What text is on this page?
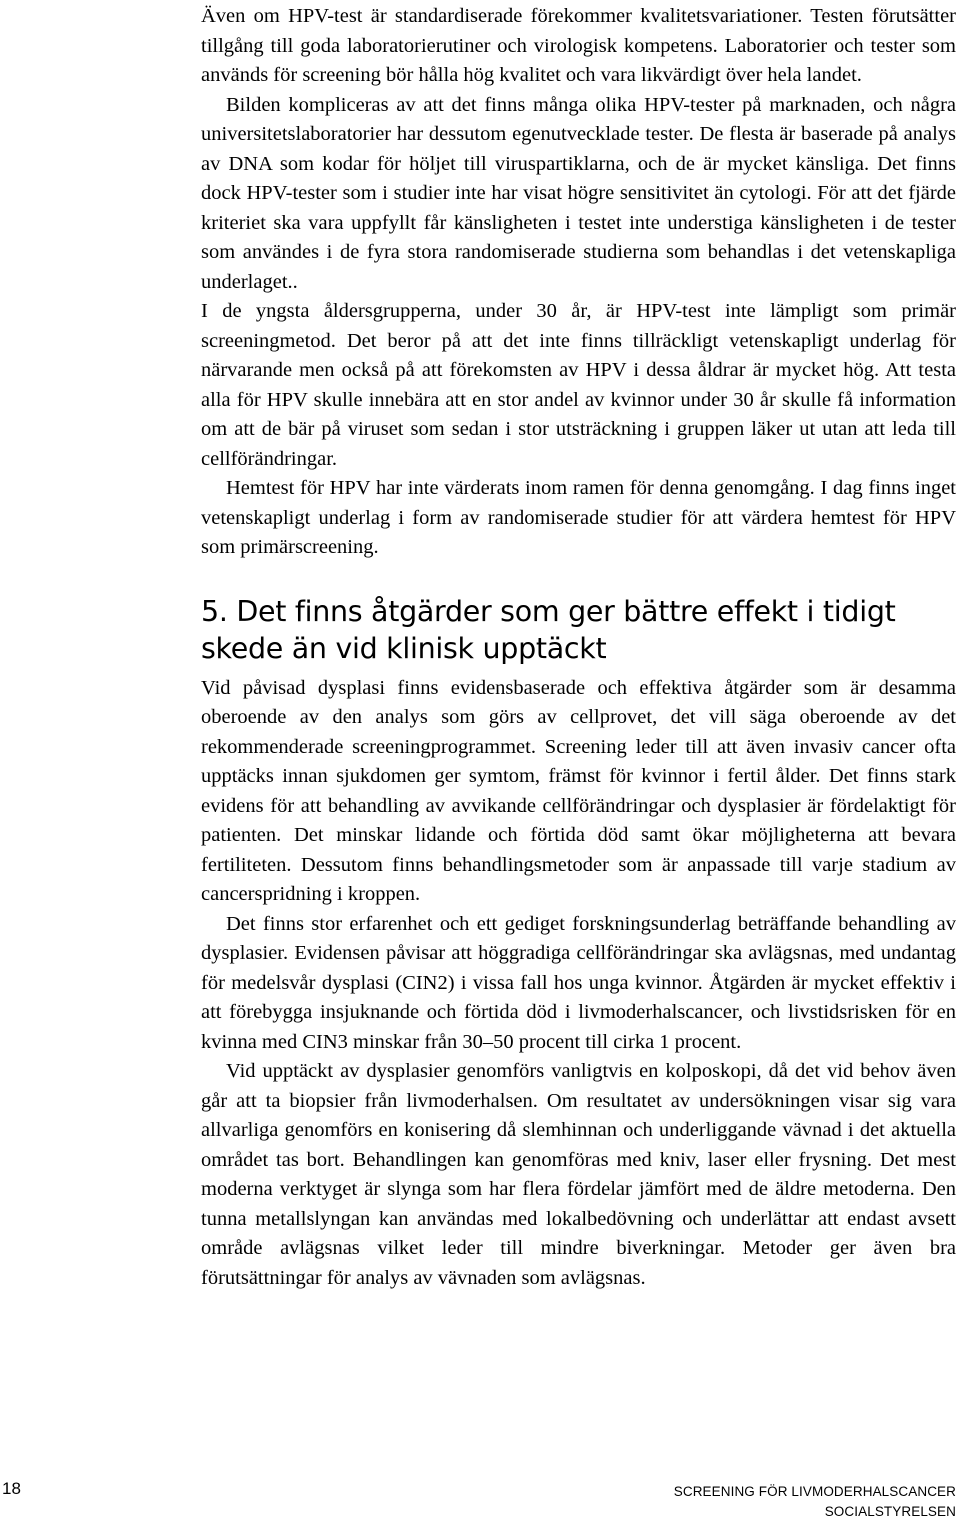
Även om HPV-test är standardiserade förekommer kvalitetsvariationer. Testen förutsätter tillgång till goda laboratorierutiner och virologisk kompetens. Laboratorier och tester som används för screening bör hålla hög kvalitet och vara likvärdigt över hela landet.

Bilden kompliceras av att det finns många olika HPV-tester på marknaden, och några universitetslaboratorier har dessutom egenutvecklade tester. De flesta är baserade på analys av DNA som kodar för höljet till viruspartiklarna, och de är mycket känsliga. Det finns dock HPV-tester som i studier inte har visat högre sensitivitet än cytologi. För att det fjärde kriteriet ska vara uppfyllt får känsligheten i testet inte understiga känsligheten i de tester som användes i de fyra stora randomiserade studierna som behandlas i det vetenskapliga underlaget..

I de yngsta åldersgrupperna, under 30 år, är HPV-test inte lämpligt som primär screeningmetod. Det beror på att det inte finns tillräckligt vetenskapligt underlag för närvarande men också på att förekomsten av HPV i dessa åldrar är mycket hög. Att testa alla för HPV skulle innebära att en stor andel av kvinnor under 30 år skulle få information om att de bär på viruset som sedan i stor utsträckning i gruppen läker ut utan att leda till cellförändringar.

Hemtest för HPV har inte värderats inom ramen för denna genomgång. I dag finns inget vetenskapligt underlag i form av randomiserade studier för att värdera hemtest för HPV som primärscreening.

5. Det finns åtgärder som ger bättre effekt i tidigt skede än vid klinisk upptäckt

Vid påvisad dysplasi finns evidensbaserade och effektiva åtgärder som är desamma oberoende av den analys som görs av cellprovet, det vill säga oberoende av det rekommenderade screeningprogrammet. Screening leder till att även invasiv cancer ofta upptäcks innan sjukdomen ger symtom, främst för kvinnor i fertil ålder. Det finns stark evidens för att behandling av avvikande cellförändringar och dysplasier är fördelaktigt för patienten. Det minskar lidande och förtida död samt ökar möjligheterna att bevara fertiliteten. Dessutom finns behandlingsmetoder som är anpassade till varje stadium av cancerspridning i kroppen.

Det finns stor erfarenhet och ett gediget forskningsunderlag beträffande behandling av dysplasier. Evidensen påvisar att höggradiga cellförändringar ska avlägsnas, med undantag för medelsvår dysplasi (CIN2) i vissa fall hos unga kvinnor. Åtgärden är mycket effektiv i att förebygga insjuknande och förtida död i livmoderhalscancer, och livstidsrisken för en kvinna med CIN3 minskar från 30–50 procent till cirka 1 procent.

Vid upptäckt av dysplasier genomförs vanligtvis en kolposkopi, då det vid behov även går att ta biopsier från livmoderhalsen. Om resultatet av undersökningen visar sig vara allvarliga genomförs en konisering då slemhinnan och underliggande vävnad i det aktuella området tas bort. Behandlingen kan genomföras med kniv, laser eller frysning. Det mest moderna verktyget är slynga som har flera fördelar jämfört med de äldre metoderna. Den tunna metallslyngan kan användas med lokalbedövning och underlättar att endast avsett område avlägsnas vilket leder till mindre biverkningar. Metoder ger även bra förutsättningar för analys av vävnaden som avlägsnas.

18	SCREENING FÖR LIVMODERHALSCANCER
SOCIALSTYRELSEN
